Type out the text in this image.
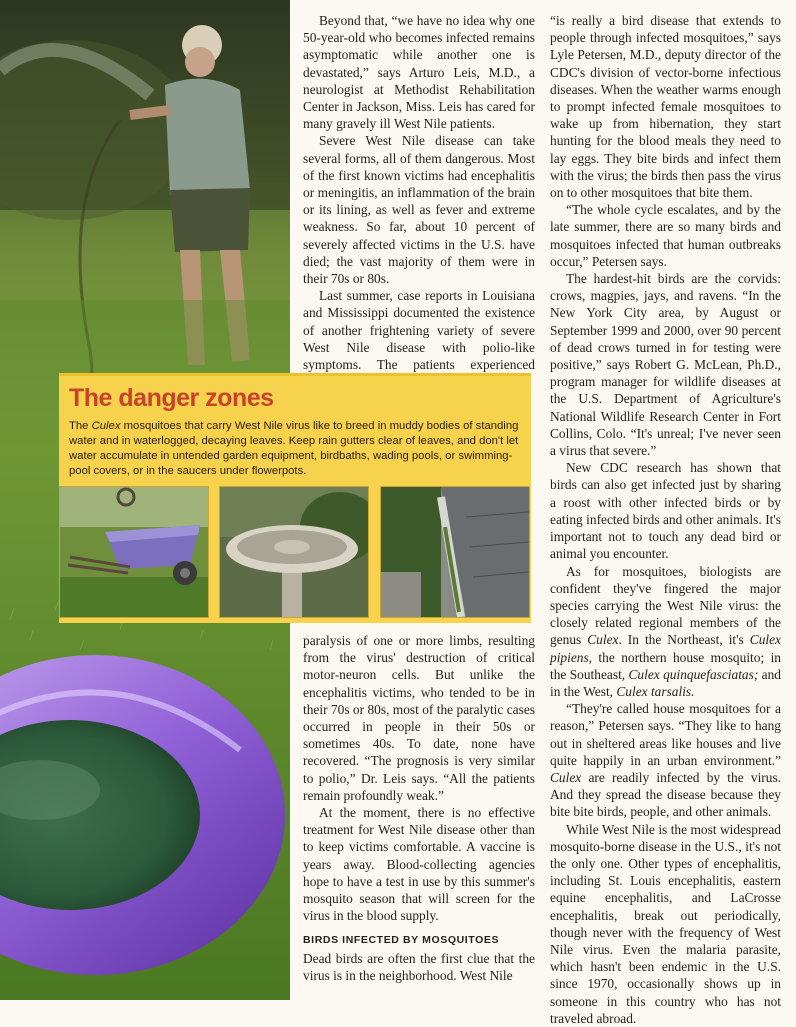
Beyond that, “we have no idea why one 50-year-old who becomes infected remains asymptomatic while another one is devastated,” says Arturo Leis, M.D., a neurologist at Methodist Rehabilitation Center in Jackson, Miss. Leis has cared for many gravely ill West Nile patients.

Severe West Nile disease can take several forms, all of them dangerous. Most of the first known victims had encephalitis or meningitis, an inflammation of the brain or its lining, as well as fever and extreme weakness. So far, about 10 percent of severely affected victims in the U.S. have died; the vast majority of them were in their 70s or 80s.

Last summer, case reports in Louisiana and Mississippi documented the existence of another frightening variety of severe West Nile disease with polio-like symptoms. The patients experienced

The danger zones
The Culex mosquitoes that carry West Nile virus like to breed in muddy bodies of standing water and in waterlogged, decaying leaves. Keep rain gutters clear of leaves, and don't let water accumulate in untended garden equipment, birdbaths, wading pools, or swimming-pool covers, or in the saucers under flowerpots.

paralysis of one or more limbs, resulting from the virus' destruction of critical motor-neuron cells. But unlike the encephalitis victims, who tended to be in their 70s or 80s, most of the paralytic cases occurred in people in their 50s or sometimes 40s. To date, none have recovered. “The prognosis is very similar to polio,” Dr. Leis says. “All the patients remain profoundly weak.”

At the moment, there is no effective treatment for West Nile disease other than to keep victims comfortable. A vaccine is years away. Blood-collecting agencies hope to have a test in use by this summer's mosquito season that will screen for the virus in the blood supply.

BIRDS INFECTED BY MOSQUITOES

Dead birds are often the first clue that the virus is in the neighborhood. West Nile

“is really a bird disease that extends to people through infected mosquitoes,” says Lyle Petersen, M.D., deputy director of the CDC's division of vector-borne infectious diseases. When the weather warms enough to prompt infected female mosquitoes to wake up from hibernation, they start hunting for the blood meals they need to lay eggs. They bite birds and infect them with the virus; the birds then pass the virus on to other mosquitoes that bite them.

“The whole cycle escalates, and by the late summer, there are so many birds and mosquitoes infected that human outbreaks occur,” Petersen says.

The hardest-hit birds are the corvids: crows, magpies, jays, and ravens. “In the New York City area, by August or September 1999 and 2000, over 90 percent of dead crows turned in for testing were positive,” says Robert G. McLean, Ph.D., program manager for wildlife diseases at the U.S. Department of Agriculture's National Wildlife Research Center in Fort Collins, Colo. “It's unreal; I've never seen a virus that severe.”

New CDC research has shown that birds can also get infected just by sharing a roost with other infected birds or by eating infected birds and other animals. It's important not to touch any dead bird or animal you encounter.

As for mosquitoes, biologists are confident they've fingered the major species carrying the West Nile virus: the closely related regional members of the genus Culex. In the Northeast, it's Culex pipiens, the northern house mosquito; in the Southeast, Culex quinquefasciatas; and in the West, Culex tarsalis.

“They're called house mosquitoes for a reason,” Petersen says. “They like to hang out in sheltered areas like houses and live quite happily in an urban environment.” Culex are readily infected by the virus. And they spread the disease because they bite bite birds, people, and other animals.

While West Nile is the most widespread mosquito-borne disease in the U.S., it's not the only one. Other types of encephalitis, including St. Louis encephalitis, eastern equine encephalitis, and LaCrosse encephalitis, break out periodically, though never with the frequency of West Nile virus. Even the malaria parasite, which hasn't been endemic in the U.S. since 1970, occasionally shows up in someone in this country who has not traveled abroad.
